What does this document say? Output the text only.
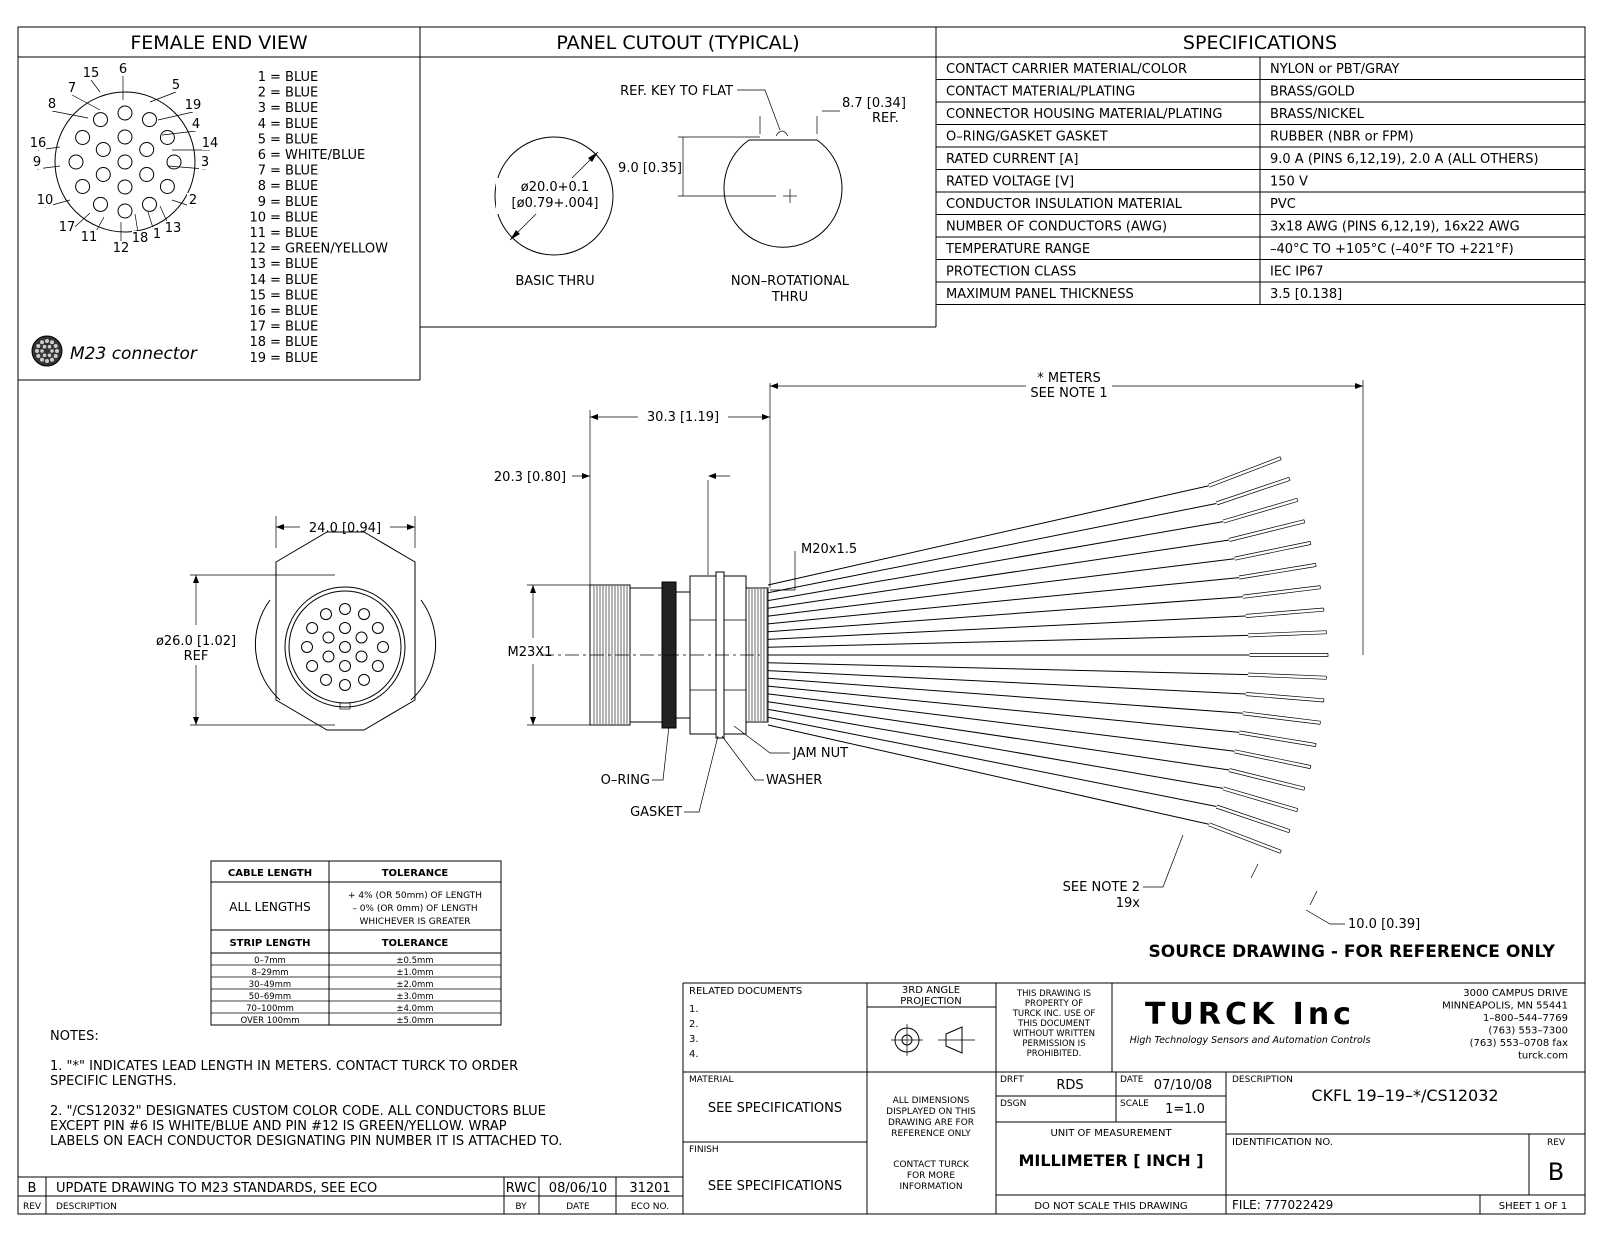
FEMALE END VIEW
15 6
7	5
8	19
4
16	14
9	3
10	2
17
11
12
18 1 13
1 = BLUE
2 = BLUE
3 = BLUE
4 = BLUE
5 = BLUE
6 = WHITE/BLUE
7 = BLUE
8 = BLUE
9 = BLUE
10 = BLUE
11 = BLUE
12 = GREEN/YELLOW
13 = BLUE
14 = BLUE
15 = BLUE
16 = BLUE
17 = BLUE
18 = BLUE
19 = BLUE
M23 connector
PANEL CUTOUT (TYPICAL)
ø20.0+0.1
[ø0.79+.004]
BASIC THRU
9.0 [0.35]
REF. KEY TO FLAT
8.7 [0.34]
REF.
NON–ROTATIONAL
THRU
SPECIFICATIONS
CONTACT CARRIER MATERIAL/COLOR	NYLON or PBT/GRAY
CONTACT MATERIAL/PLATING	BRASS/GOLD
CONNECTOR HOUSING MATERIAL/PLATING	BRASS/NICKEL
O–RING/GASKET GASKET	RUBBER (NBR or FPM)
RATED CURRENT [A]	9.0 A (PINS 6,12,19), 2.0 A (ALL OTHERS)
RATED VOLTAGE [V]	150 V
CONDUCTOR INSULATION MATERIAL	PVC
NUMBER OF CONDUCTORS (AWG)	3x18 AWG (PINS 6,12,19), 16x22 AWG
TEMPERATURE RANGE	–40°C TO +105°C (–40°F TO +221°F)
PROTECTION CLASS	IEC IP67
MAXIMUM PANEL THICKNESS	3.5 [0.138]
24.0 [0.94]
ø26.0 [1.02]
REF	M23X1
30.3 [1.19]
20.3 [0.80]
M20x1.5
JAM NUT
WASHER
O–RING
GASKET
* METERS
SEE NOTE 1
SEE NOTE 2
19x
10.0 [0.39]
SOURCE DRAWING - FOR REFERENCE ONLY
CABLE LENGTH	TOLERANCE
ALL LENGTHS
+ 4% (OR 50mm) OF LENGTH
– 0% (OR 0mm) OF LENGTH
WHICHEVER IS GREATER
STRIP LENGTH	TOLERANCE
0–7mm	±0.5mm
8–29mm	±1.0mm
30–49mm	±2.0mm
50–69mm	±3.0mm
70–100mm	±4.0mm
OVER 100mm	±5.0mm
NOTES:
1. "*" INDICATES LEAD LENGTH IN METERS. CONTACT TURCK TO ORDER
SPECIFIC LENGTHS.
2. "/CS12032" DESIGNATES CUSTOM COLOR CODE. ALL CONDUCTORS BLUE
EXCEPT PIN #6 IS WHITE/BLUE AND PIN #12 IS GREEN/YELLOW. WRAP
LABELS ON EACH CONDUCTOR DESIGNATING PIN NUMBER IT IS ATTACHED TO.
B UPDATE DRAWING TO M23 STANDARDS, SEE ECO	RWC 08/06/10 31201
REV DESCRIPTION	BY	DATE	ECO NO.
RELATED DOCUMENTS
1.
2.
3.
4.
3RD ANGLE
PROJECTION
THIS DRAWING IS
PROPERTY OF
TURCK INC. USE OF
THIS DOCUMENT
WITHOUT WRITTEN
PERMISSION IS
PROHIBITED.
TURCK Inc
High Technology Sensors and Automation Controls
3000 CAMPUS DRIVE
MINNEAPOLIS, MN 55441
1–800–544–7769
(763) 553–7300
(763) 553–0708 fax
turck.com
MATERIAL
SEE SPECIFICATIONS
FINISH
SEE SPECIFICATIONS
ALL DIMENSIONS
DISPLAYED ON THIS
DRAWING ARE FOR
REFERENCE ONLY
CONTACT TURCK
FOR MORE
INFORMATION
DRFT	RDS	DATE 07/10/08
DSGN	SCALE 1=1.0
UNIT OF MEASUREMENT
MILLIMETER [ INCH ]
DO NOT SCALE THIS DRAWING
DESCRIPTION
CKFL 19–19–*/CS12032
IDENTIFICATION NO.	REV
B
FILE: 777022429	SHEET 1 OF 1
